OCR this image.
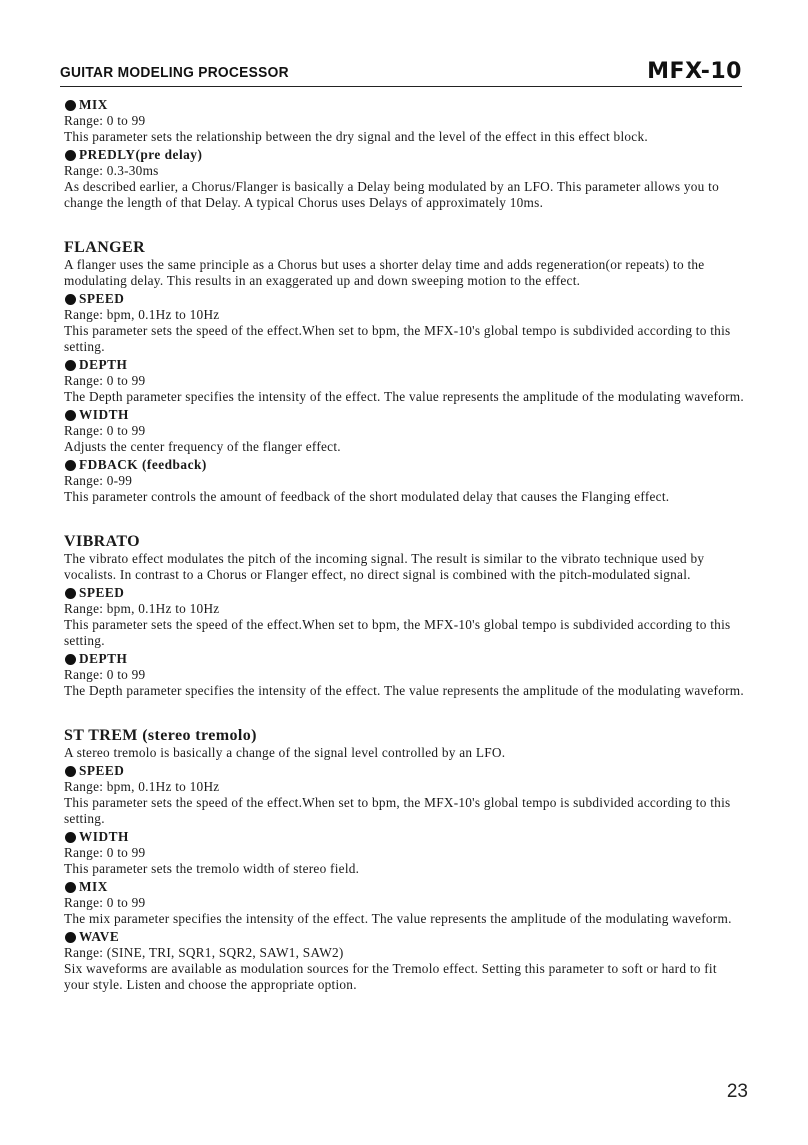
GUITAR MODELING PROCESSOR	MFX-10
MIX
Range: 0 to 99
This parameter sets the relationship between the dry signal and the level of the effect in this effect block.
PREDLY(pre delay)
Range: 0.3-30ms
As described earlier, a Chorus/Flanger is basically a Delay being modulated by an LFO. This parameter allows you to change the length of that Delay. A typical Chorus uses Delays of approximately 10ms.
FLANGER

A flanger uses the same principle as a Chorus but uses a shorter delay time and adds regeneration(or repeats) to the modulating delay. This results in an exaggerated up and down sweeping motion to the effect.

SPEED
Range: bpm, 0.1Hz to 10Hz
This parameter sets the speed of the effect.When set to bpm, the MFX-10's global tempo is subdivided according to this setting.
DEPTH
Range: 0 to 99
The Depth parameter specifies the intensity of the effect. The value represents the amplitude of the modulating waveform.
WIDTH
Range: 0 to 99
Adjusts the center frequency of the flanger effect.
FDBACK (feedback)
Range: 0-99
This parameter controls the amount of feedback of the short modulated delay that causes the Flanging effect.
VIBRATO

The vibrato effect modulates the pitch of the incoming signal. The result is similar to the vibrato technique used by vocalists. In contrast to a Chorus or Flanger effect, no direct signal is combined with the pitch-modulated signal.

SPEED
Range: bpm, 0.1Hz to 10Hz
This parameter sets the speed of the effect.When set to bpm, the MFX-10's global tempo is subdivided according to this setting.
DEPTH
Range: 0 to 99
The Depth parameter specifies the intensity of the effect. The value represents the amplitude of the modulating waveform.
ST TREM (stereo tremolo)

A stereo tremolo is basically a change of the signal level controlled by an LFO.

SPEED
Range: bpm, 0.1Hz to 10Hz
This parameter sets the speed of the effect.When set to bpm, the MFX-10's global tempo is subdivided according to this setting.
WIDTH
Range: 0 to 99
This parameter sets the tremolo width of stereo field.
MIX
Range: 0 to 99
The mix parameter specifies the intensity of the effect. The value represents the amplitude of the modulating waveform.
WAVE
Range: (SINE, TRI, SQR1, SQR2, SAW1, SAW2)
Six waveforms are available as modulation sources for the Tremolo effect. Setting this parameter to soft or hard to fit your style. Listen and choose the appropriate option.
23
